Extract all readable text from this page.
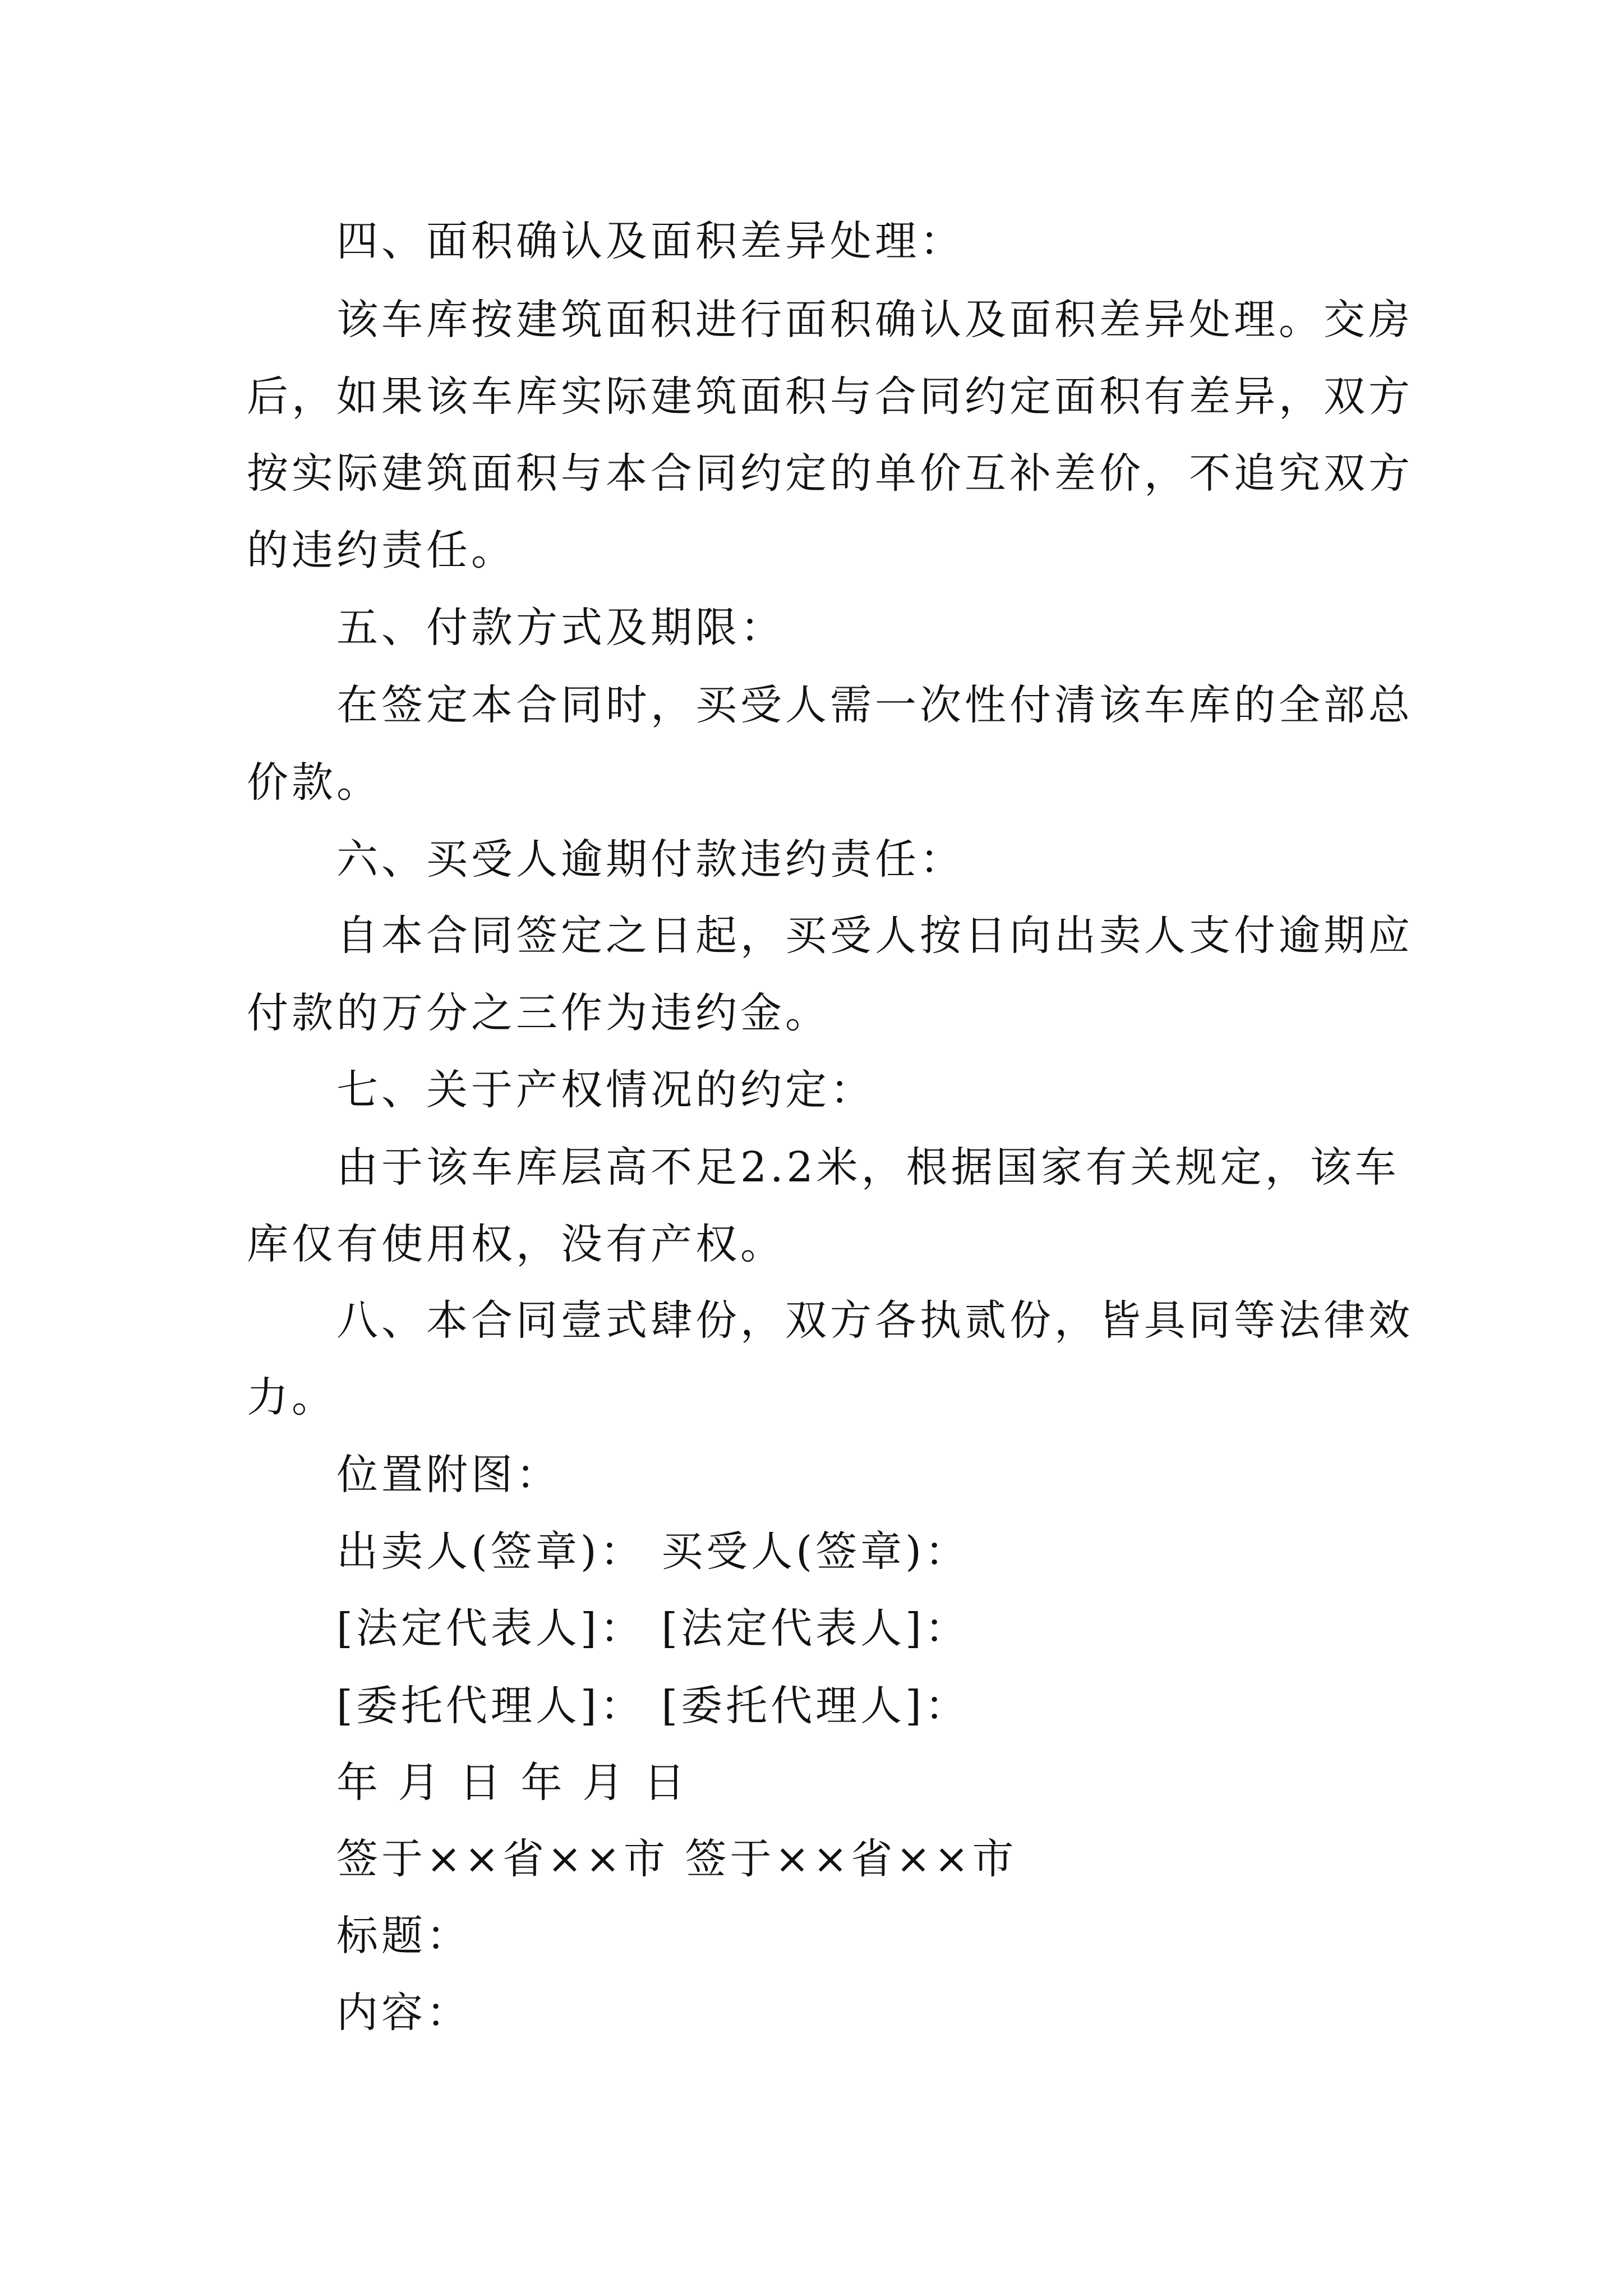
四、面积确认及面积差异处理：
该车库按建筑面积进行面积确认及面积差异处理。交房
后，如果该车库实际建筑面积与合同约定面积有差异，双方
按实际建筑面积与本合同约定的单价互补差价，不追究双方
的违约责任。
五、付款方式及期限：
在签定本合同时，买受人需一次性付清该车库的全部总
价款。
六、买受人逾期付款违约责任：
自本合同签定之日起，买受人按日向出卖人支付逾期应
付款的万分之三作为违约金。
七、关于产权情况的约定：
由于该车库层高不足2.2米，根据国家有关规定，该车
库仅有使用权，没有产权。
八、本合同壹式肆份，双方各执贰份，皆具同等法律效
力。
位置附图：
出卖人(签章)： 买受人(签章)：
[法定代表人]： [法定代表人]：
[委托代理人]： [委托代理人]：
年 月 日 年 月 日
签于××省××市 签于××省××市
标题：
内容：
